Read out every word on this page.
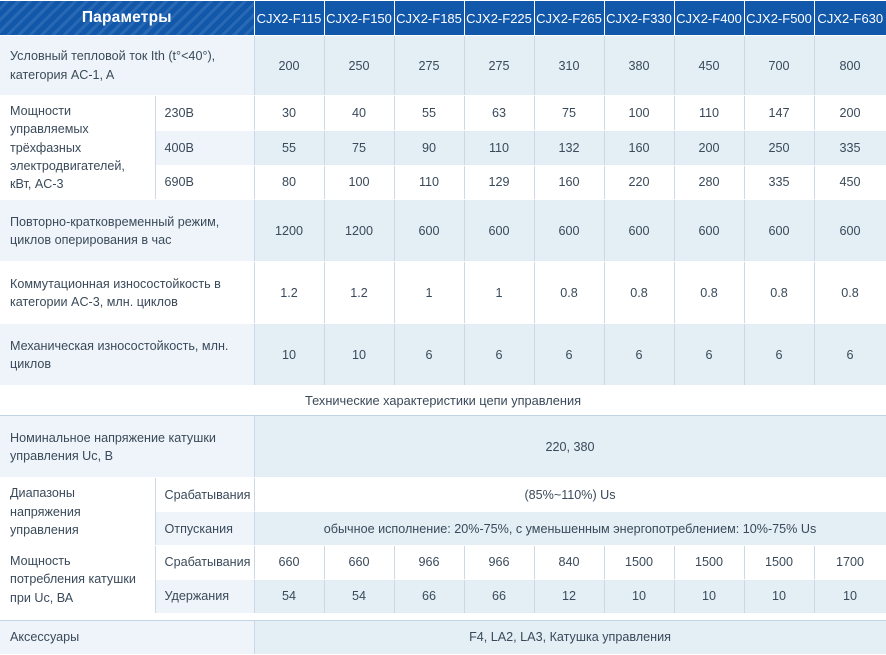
Параметры		CJX2-F115	CJX2-F150	CJX2-F185	CJX2-F225	CJX2-F265	CJX2-F330	CJX2-F400	CJX2-F500	CJX2-F630
Условный тепловой ток Ith (t°<40°), категория AC-1, A		200	250	275	275	310	380	450	700	800
Мощности управляемых трёхфазных электродвигателей, кВт, AC-3	230В	30	40	55	63	75	100	110	147	200
	400В	55	75	90	110	132	160	200	250	335
	690В	80	100	110	129	160	220	280	335	450
Повторно-кратковременный режим, циклов оперирования в час		1200	1200	600	600	600	600	600	600	600
Коммутационная износостойкость в категории AC-3, млн. циклов		1.2	1.2	1	1	0.8	0.8	0.8	0.8	0.8
Механическая износостойкость, млн. циклов		10	10	6	6	6	6	6	6	6
Технические характеристики цепи управления										
Номинальное напряжение катушки управления Uc, В		220, 380								
Диапазоны напряжения управления	Срабатывания	(85%~110%) Us								
	Отпускания	обычное исполнение: 20%-75%, с уменьшенным энергопотреблением: 10%-75% Us								
Мощность потребления катушки при Uc, ВА	Срабатывания	660	660	966	966	840	1500	1500	1500	1700
	Удержания	54	54	66	66	12	10	10	10	10

Аксессуары		F4, LA2, LA3, Катушка управления								
